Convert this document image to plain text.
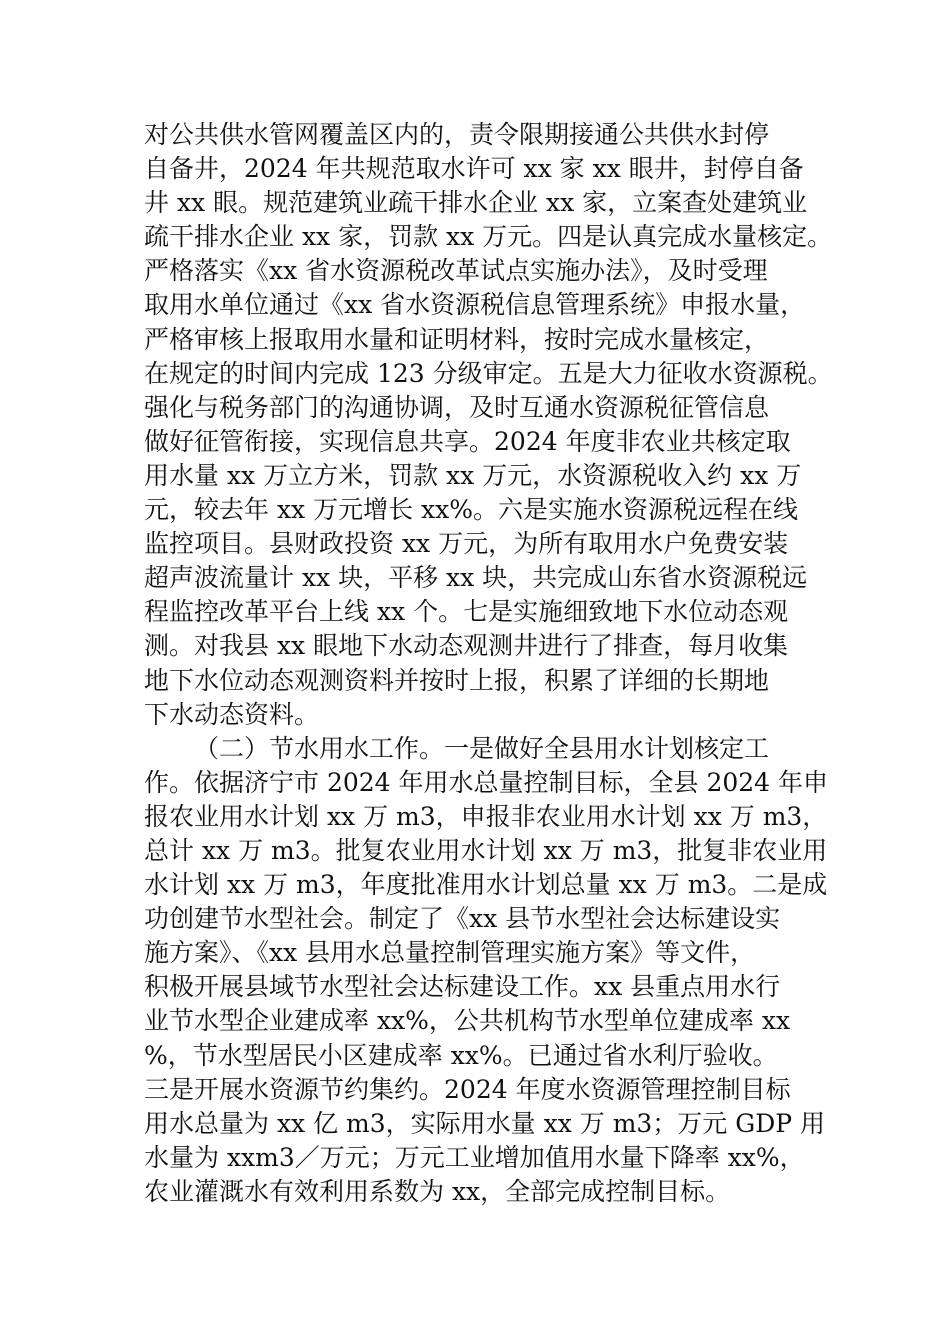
对公共供水管网覆盖区内的，责令限期接通公共供水封停
自备井，2024 年共规范取水许可 xx 家 xx 眼井，封停自备
井 xx 眼。规范建筑业疏干排水企业 xx 家，立案查处建筑业
疏干排水企业 xx 家，罚款 xx 万元。四是认真完成水量核定。
严格落实《xx 省水资源税改革试点实施办法》，及时受理
取用水单位通过《xx 省水资源税信息管理系统》申报水量，
严格审核上报取用水量和证明材料，按时完成水量核定，
在规定的时间内完成 123 分级审定。五是大力征收水资源税。
强化与税务部门的沟通协调，及时互通水资源税征管信息
做好征管衔接，实现信息共享。2024 年度非农业共核定取
用水量 xx 万立方米，罚款 xx 万元，水资源税收入约 xx 万
元，较去年 xx 万元增长 xx%。六是实施水资源税远程在线
监控项目。县财政投资 xx 万元，为所有取用水户免费安装
超声波流量计 xx 块，平移 xx 块，共完成山东省水资源税远
程监控改革平台上线 xx 个。七是实施细致地下水位动态观
测。对我县 xx 眼地下水动态观测井进行了排查，每月收集
地下水位动态观测资料并按时上报，积累了详细的长期地
下水动态资料。
（二）节水用水工作。一是做好全县用水计划核定工
作。依据济宁市 2024 年用水总量控制目标，全县 2024 年申
报农业用水计划 xx 万 m3，申报非农业用水计划 xx 万 m3，
总计 xx 万 m3。批复农业用水计划 xx 万 m3，批复非农业用
水计划 xx 万 m3，年度批准用水计划总量 xx 万 m3。二是成
功创建节水型社会。制定了《xx 县节水型社会达标建设实
施方案》、《xx 县用水总量控制管理实施方案》等文件，
积极开展县域节水型社会达标建设工作。xx 县重点用水行
业节水型企业建成率 xx%，公共机构节水型单位建成率 xx
%，节水型居民小区建成率 xx%。已通过省水利厅验收。
三是开展水资源节约集约。2024 年度水资源管理控制目标
用水总量为 xx 亿 m3，实际用水量 xx 万 m3；万元 GDP 用
水量为 xxm3／万元；万元工业增加值用水量下降率 xx%，
农业灌溉水有效利用系数为 xx，全部完成控制目标。
